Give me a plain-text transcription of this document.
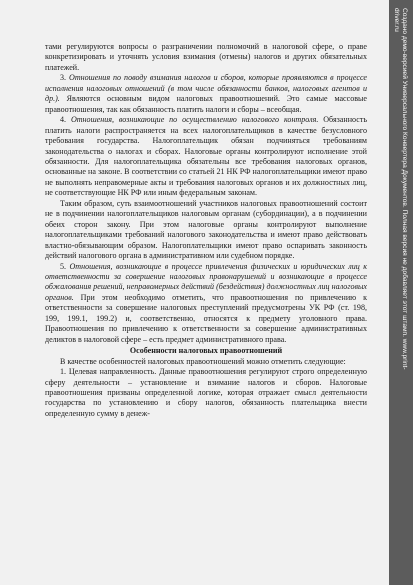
тами регулируются вопросы о разграничении полномочий в налоговой сфере, о праве конкретизировать и уточнять условия взимания (отмены) налогов и других обязательных платежей.

3. Отношения по поводу взимания налогов и сборов, которые проявляются в процессе исполнения налоговых отношений (в том числе обязанности банков, налоговых агентов и др.). Являются основным видом налоговых правоотношений. Это самые массовые правоотношения, так как обязанность платить налоги и сборы – всеобщая.

4. Отношения, возникающие по осуществлению налогового контроля. Обязанность платить налоги распространяется на всех налогоплательщиков в качестве безусловного требования государства. Налогоплательщик обязан подчиняться требованиям законодательства о налогах и сборах. Налоговые органы контролируют исполнение этой обязанности. Для налогоплательщика обязательны все требования налоговых органов, основанные на законе. В соответствии со статьей 21 НК РФ налогоплательщики имеют право не выполнять неправомерные акты и требования налоговых органов и их должностных лиц, не соответствующие НК РФ или иным федеральным законам.

Таким образом, суть взаимоотношений участников налоговых правоотношений состоит не в подчинении налогоплательщиков налоговым органам (субординации), а в подчинении обеих сторон закону. При этом налоговые органы контролируют выполнение налогоплательщиками требований налогового законодательства и имеют право действовать властно-обязывающим образом. Налогоплательщики имеют право оспаривать законность действий налогового органа в административном или судебном порядке.

5. Отношения, возникающие в процессе привлечения физических и юридических лиц к ответственности за совершение налоговых правонарушений и возникающие в процессе обжалования решений, неправомерных действий (бездействия) должностных лиц налоговых органов. При этом необходимо отметить, что правоотношения по привлечению к ответственности за совершение налоговых преступлений предусмотрены УК РФ (ст. 198, 199, 199.1, 199.2) и, соответственно, относятся к предмету уголовного права. Правоотношения по привлечению к ответственности за совершение административных деликтов в налоговой сфере – есть предмет административного права.

Особенности налоговых правоотношений

В качестве особенностей налоговых правоотношений можно отметить следующие:

1. Целевая направленность. Данные правоотношения регулируют строго определенную сферу деятельности – установление и взимание налогов и сборов. Налоговые правоотношения призваны определенной логике, которая отражает смысл деятельности государства по установлению и сбору налогов, обязанность плательщика внести определенную сумму в денеж-

Создано демо-версией Универсального Конвертера Документов. Полная версия не добавляет этот штамп. www.print-driver.ru
